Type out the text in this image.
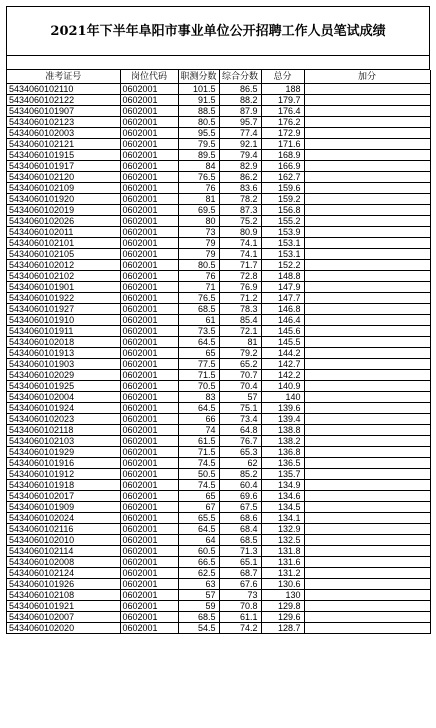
2021年下半年阜阳市事业单位公开招聘工作人员笔试成绩
准考证号	岗位代码	职测分数	综合分数	总分	加分
5434060102110	0602001	101.5	86.5	188	
5434060102122	0602001	91.5	88.2	179.7	
5434060101907	0602001	88.5	87.9	176.4	
5434060102123	0602001	80.5	95.7	176.2	
5434060102003	0602001	95.5	77.4	172.9	
5434060102121	0602001	79.5	92.1	171.6	
5434060101915	0602001	89.5	79.4	168.9	
5434060101917	0602001	84	82.9	166.9	
5434060102120	0602001	76.5	86.2	162.7	
5434060102109	0602001	76	83.6	159.6	
5434060101920	0602001	81	78.2	159.2	
5434060102019	0602001	69.5	87.3	156.8	
5434060102026	0602001	80	75.2	155.2	
5434060102011	0602001	73	80.9	153.9	
5434060102101	0602001	79	74.1	153.1	
5434060102105	0602001	79	74.1	153.1	
5434060102012	0602001	80.5	71.7	152.2	
5434060102102	0602001	76	72.8	148.8	
5434060101901	0602001	71	76.9	147.9	
5434060101922	0602001	76.5	71.2	147.7	
5434060101927	0602001	68.5	78.3	146.8	
5434060101910	0602001	61	85.4	146.4	
5434060101911	0602001	73.5	72.1	145.6	
5434060102018	0602001	64.5	81	145.5	
5434060101913	0602001	65	79.2	144.2	
5434060101903	0602001	77.5	65.2	142.7	
5434060102029	0602001	71.5	70.7	142.2	
5434060101925	0602001	70.5	70.4	140.9	
5434060102004	0602001	83	57	140	
5434060101924	0602001	64.5	75.1	139.6	
5434060102023	0602001	66	73.4	139.4	
5434060102118	0602001	74	64.8	138.8	
5434060102103	0602001	61.5	76.7	138.2	
5434060101929	0602001	71.5	65.3	136.8	
5434060101916	0602001	74.5	62	136.5	
5434060101912	0602001	50.5	85.2	135.7	
5434060101918	0602001	74.5	60.4	134.9	
5434060102017	0602001	65	69.6	134.6	
5434060101909	0602001	67	67.5	134.5	
5434060102024	0602001	65.5	68.6	134.1	
5434060102116	0602001	64.5	68.4	132.9	
5434060102010	0602001	64	68.5	132.5	
5434060102114	0602001	60.5	71.3	131.8	
5434060102008	0602001	66.5	65.1	131.6	
5434060102124	0602001	62.5	68.7	131.2	
5434060101926	0602001	63	67.6	130.6	
5434060102108	0602001	57	73	130	
5434060101921	0602001	59	70.8	129.8	
5434060102007	0602001	68.5	61.1	129.6	
5434060102020	0602001	54.5	74.2	128.7	
